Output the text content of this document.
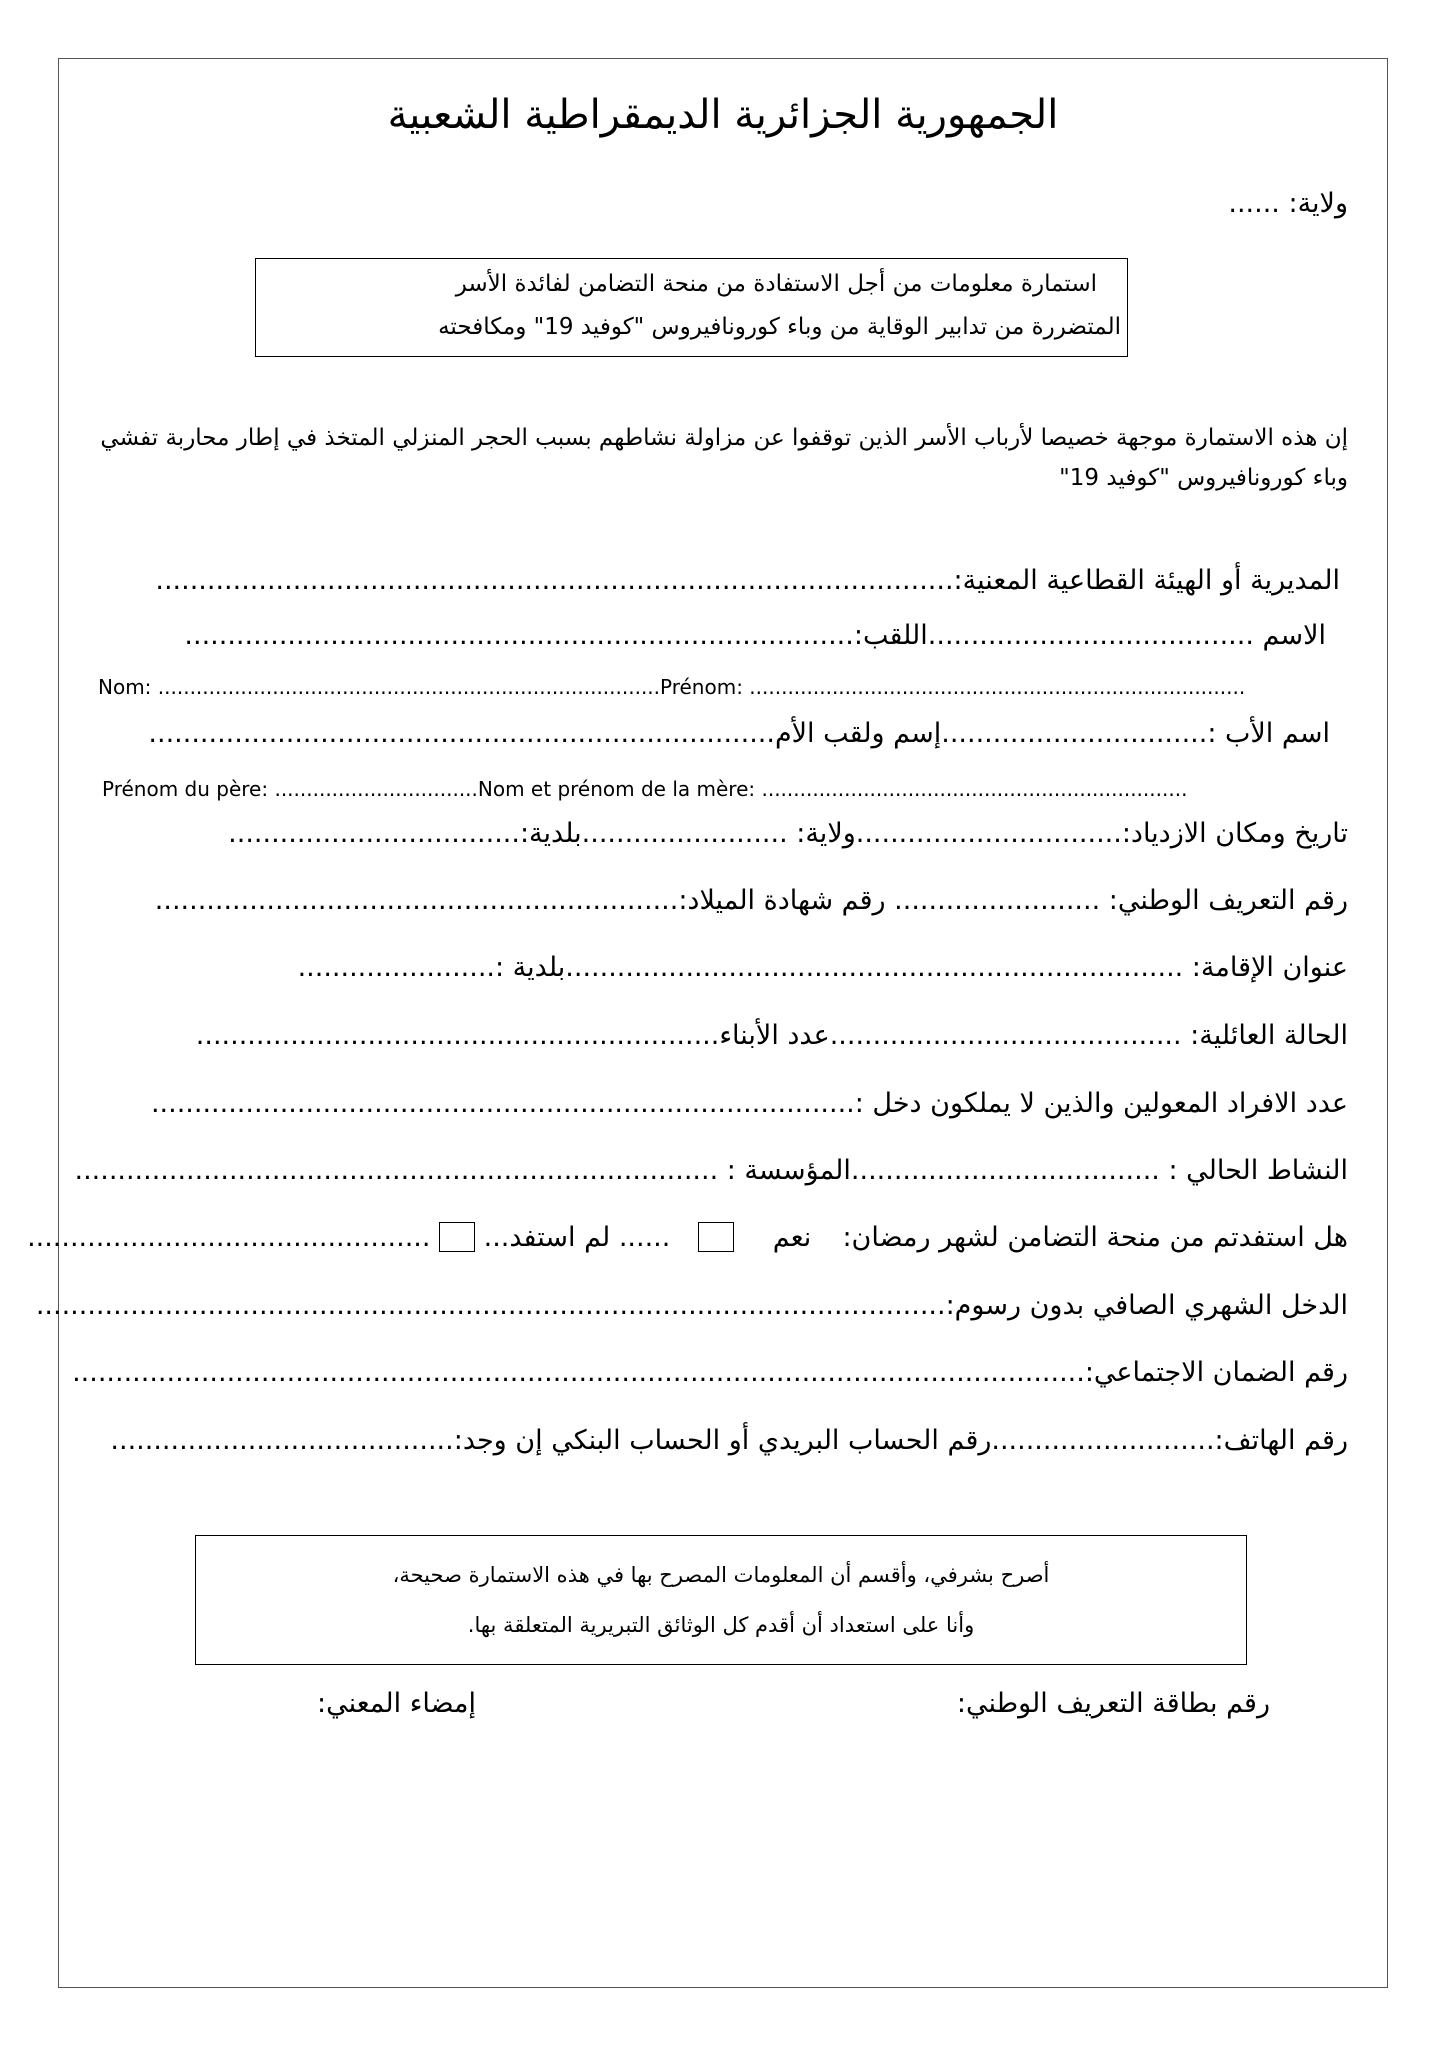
الجمهورية الجزائرية الديمقراطية الشعبية
ولاية: ......
استمارة معلومات من أجل الاستفادة من منحة التضامن لفائدة الأسر
المتضررة من تدابير الوقاية من وباء كورونافيروس "كوفيد 19" ومكافحته
إن هذه الاستمارة موجهة خصيصا لأرباب الأسر الذين توقفوا عن مزاولة نشاطهم بسبب الحجر المنزلي المتخذ في إطار محاربة تفشي وباء كورونافيروس "كوفيد 19"
المديرية أو الهيئة القطاعية المعنية:.............................................................................................
الاسم ......................................اللقب:..............................................................................
Nom: ...............................................................................Prénom: ..............................................................................
اسم الأب :...............................إسم ولقب الأم.........................................................................
Prénom du père: ................................Nom et prénom de la mère: ...................................................................
تاريخ ومكان الازدياد:...............................ولاية: ........................بلدية:..................................
رقم التعريف الوطني: ........................ رقم شهادة الميلاد:.............................................................
عنوان الإقامة: ........................................................................بلدية :.......................
الحالة العائلية: .........................................عدد الأبناء.............................................................
عدد الافراد المعولين والذين لا يملكون دخل :..................................................................................
النشاط الحالي : ....................................المؤسسة : ...........................................................................
هل استفدتم من منحة التضامن لشهر رمضان:  نعم    ...... لم استفد...  ...............................................
الدخل الشهري الصافي بدون رسوم:..........................................................................................................
رقم الضمان الاجتماعي:......................................................................................................................
رقم الهاتف:..........................رقم الحساب البريدي أو الحساب البنكي إن وجد:........................................
أصرح بشرفي، وأقسم أن المعلومات المصرح بها في هذه الاستمارة صحيحة،
وأنا على استعداد أن أقدم كل الوثائق التبريرية المتعلقة بها.
رقم بطاقة التعريف الوطني:
إمضاء المعني:
